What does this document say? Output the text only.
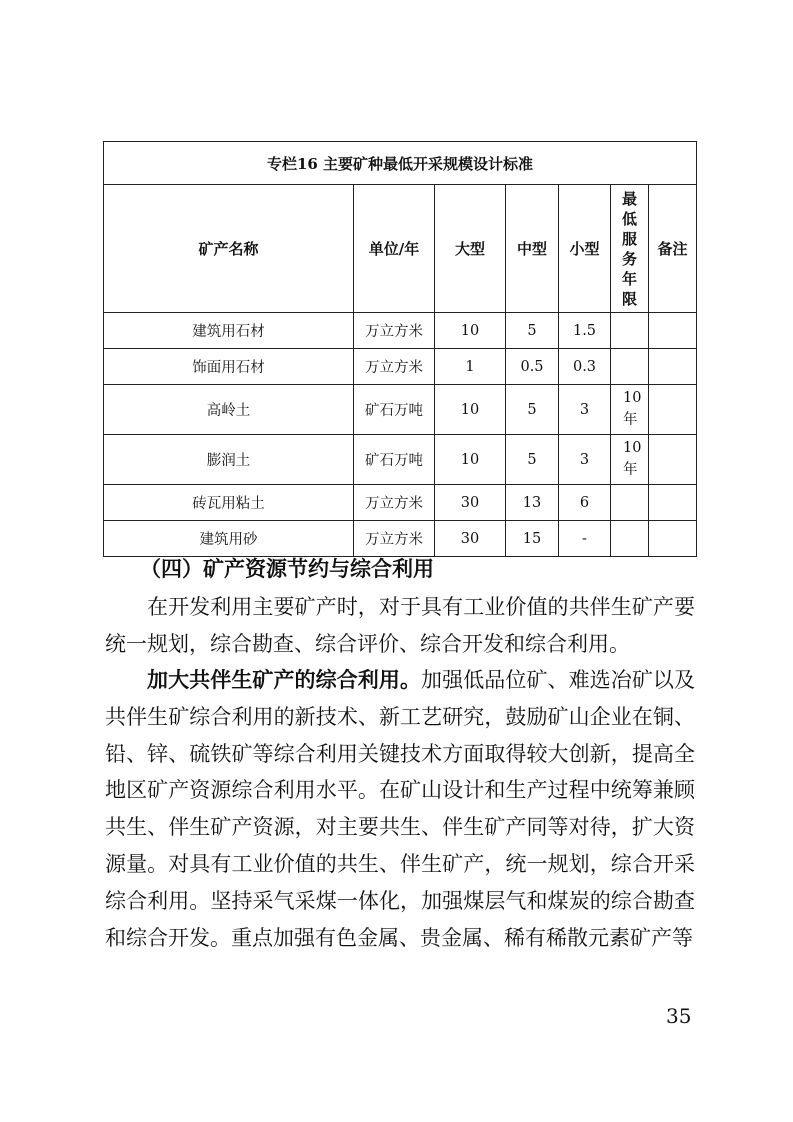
专栏16 主要矿种最低开采规模设计标准						
矿产名称	单位/年	大型	中型	小型	最低服务年限	备注
建筑用石材	万立方米	10	5	1.5		
饰面用石材	万立方米	1	0.5	0.3		
高岭土	矿石万吨	10	5	3	10年	
膨润土	矿石万吨	10	5	3	10年	
砖瓦用粘土	万立方米	30	13	6		
建筑用砂	万立方米	30	15	-		
（四）矿产资源节约与综合利用

在开发利用主要矿产时，对于具有工业价值的共伴生矿产要统一规划，综合勘查、综合评价、综合开发和综合利用。

加大共伴生矿产的综合利用。加强低品位矿、难选冶矿以及共伴生矿综合利用的新技术、新工艺研究，鼓励矿山企业在铜、铅、锌、硫铁矿等综合利用关键技术方面取得较大创新，提高全地区矿产资源综合利用水平。在矿山设计和生产过程中统筹兼顾共生、伴生矿产资源，对主要共生、伴生矿产同等对待，扩大资源量。对具有工业价值的共生、伴生矿产，统一规划，综合开采综合利用。坚持采气采煤一体化，加强煤层气和煤炭的综合勘查和综合开发。重点加强有色金属、贵金属、稀有稀散元素矿产等

35
